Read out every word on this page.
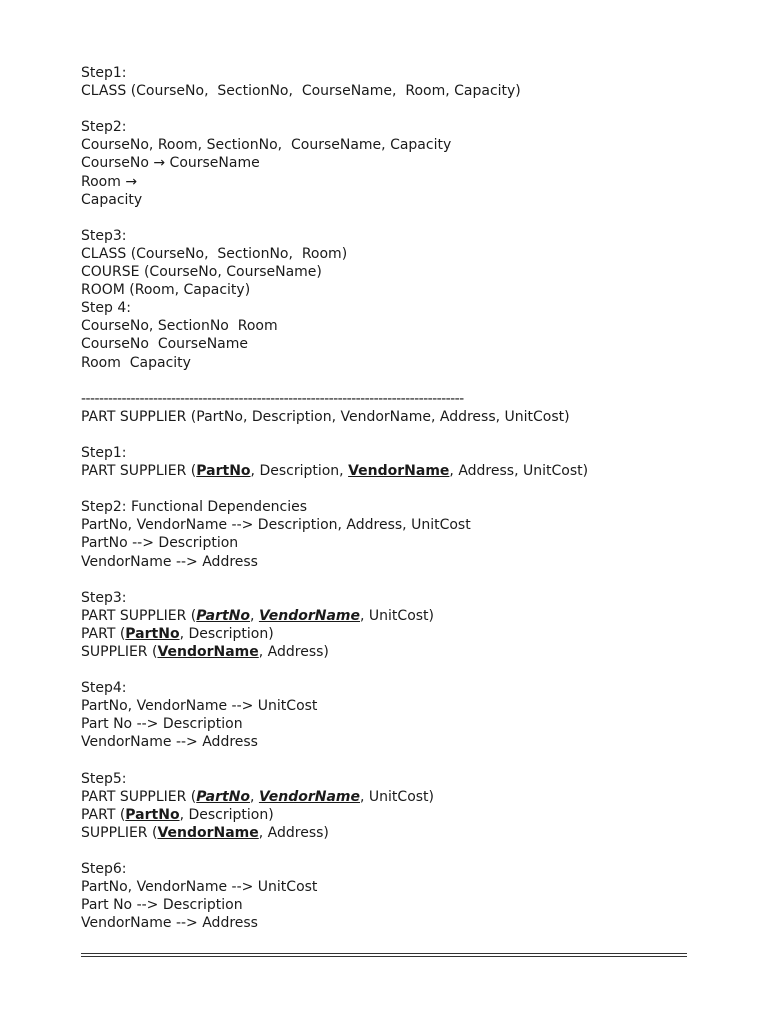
Step1:
CLASS (CourseNo,  SectionNo,  CourseName,  Room, Capacity)
Step2:
CourseNo, Room, SectionNo,  CourseName, Capacity
CourseNo → CourseName
Room →
Capacity
Step3:
CLASS (CourseNo,  SectionNo,  Room)
COURSE (CourseNo, CourseName)
ROOM (Room, Capacity)
Step 4:
CourseNo, SectionNo  Room
CourseNo  CourseName
Room  Capacity
-------------------------------------------------------------------------------------
PART SUPPLIER (PartNo, Description, VendorName, Address, UnitCost)
Step1:
PART SUPPLIER (PartNo, Description, VendorName, Address, UnitCost)
Step2: Functional Dependencies
PartNo, VendorName --> Description, Address, UnitCost
PartNo --> Description
VendorName --> Address
Step3:
PART SUPPLIER (PartNo, VendorName, UnitCost)
PART (PartNo, Description)
SUPPLIER (VendorName, Address)
Step4:
PartNo, VendorName --> UnitCost
Part No --> Description
VendorName --> Address
Step5:
PART SUPPLIER (PartNo, VendorName, UnitCost)
PART (PartNo, Description)
SUPPLIER (VendorName, Address)
Step6:
PartNo, VendorName --> UnitCost
Part No --> Description
VendorName --> Address
